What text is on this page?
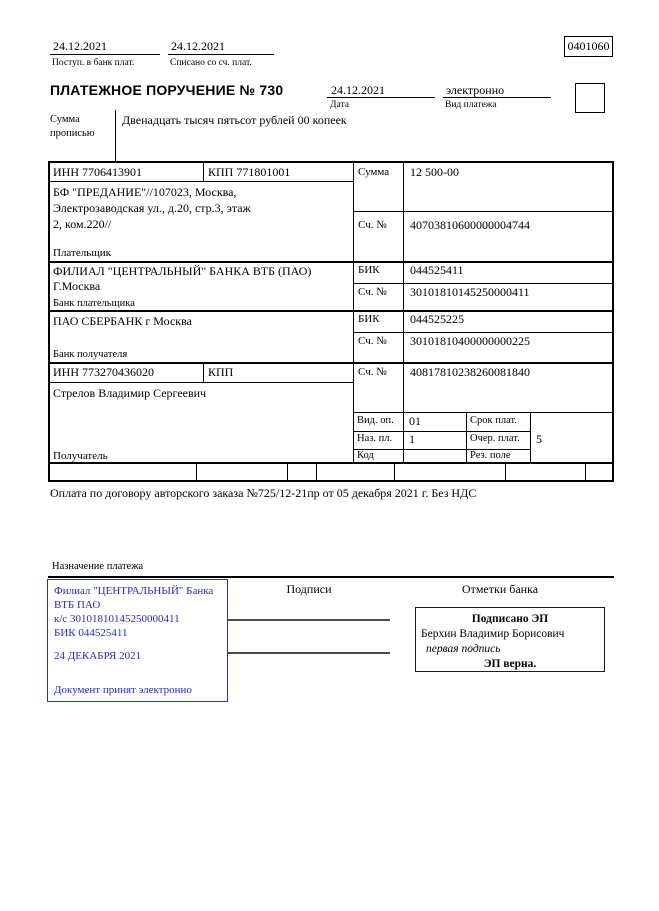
24.12.2021
Поступ. в банк плат.
24.12.2021
Списано со сч. плат.
0401060
ПЛАТЕЖНОЕ ПОРУЧЕНИЕ № 730	24.12.2021
Дата
электронно
Вид платежа
Сумма прописью
Двенадцать тысяч пятьсот рублей 00 копеек
ИНН 7706413901	КПП 771801001	Сумма 12 500-00
БФ "ПРЕДАНИЕ"//107023, Москва,
Электрозаводская ул., д.20, стр.3, этаж
2, ком.220//
Плательщик
Сч. № 40703810600000004744
ФИЛИАЛ "ЦЕНТРАЛЬНЫЙ" БАНКА ВТБ (ПАО)
Г.Москва
Банк плательщика
БИК	044525411
Сч. № 30101810145250000411
ПАО СБЕРБАНК г Москва
Банк получателя
БИК	044525225
Сч. № 30101810400000000225
ИНН 773270436020	КПП	Сч. № 40817810238260081840
Стрелов Владимир Сергеевич
Получатель
Вид. оп. 01	Срок плат.
Наз. пл. 1	Очер. плат. 5
Код	Рез. поле
Оплата по договору авторского заказа №725/12-21пр от 05 декабря 2021 г. Без НДС
Назначение платежа
Филиал "ЦЕНТРАЛЬНЫЙ" Банка
ВТБ ПАО
к/с 30101810145250000411
БИК 044525411
24 ДЕКАБРЯ 2021
Документ принят электронно
Подписи	Отметки банка
Подписано ЭП
Берхин Владимир Борисович
первая подпись
ЭП верна.
